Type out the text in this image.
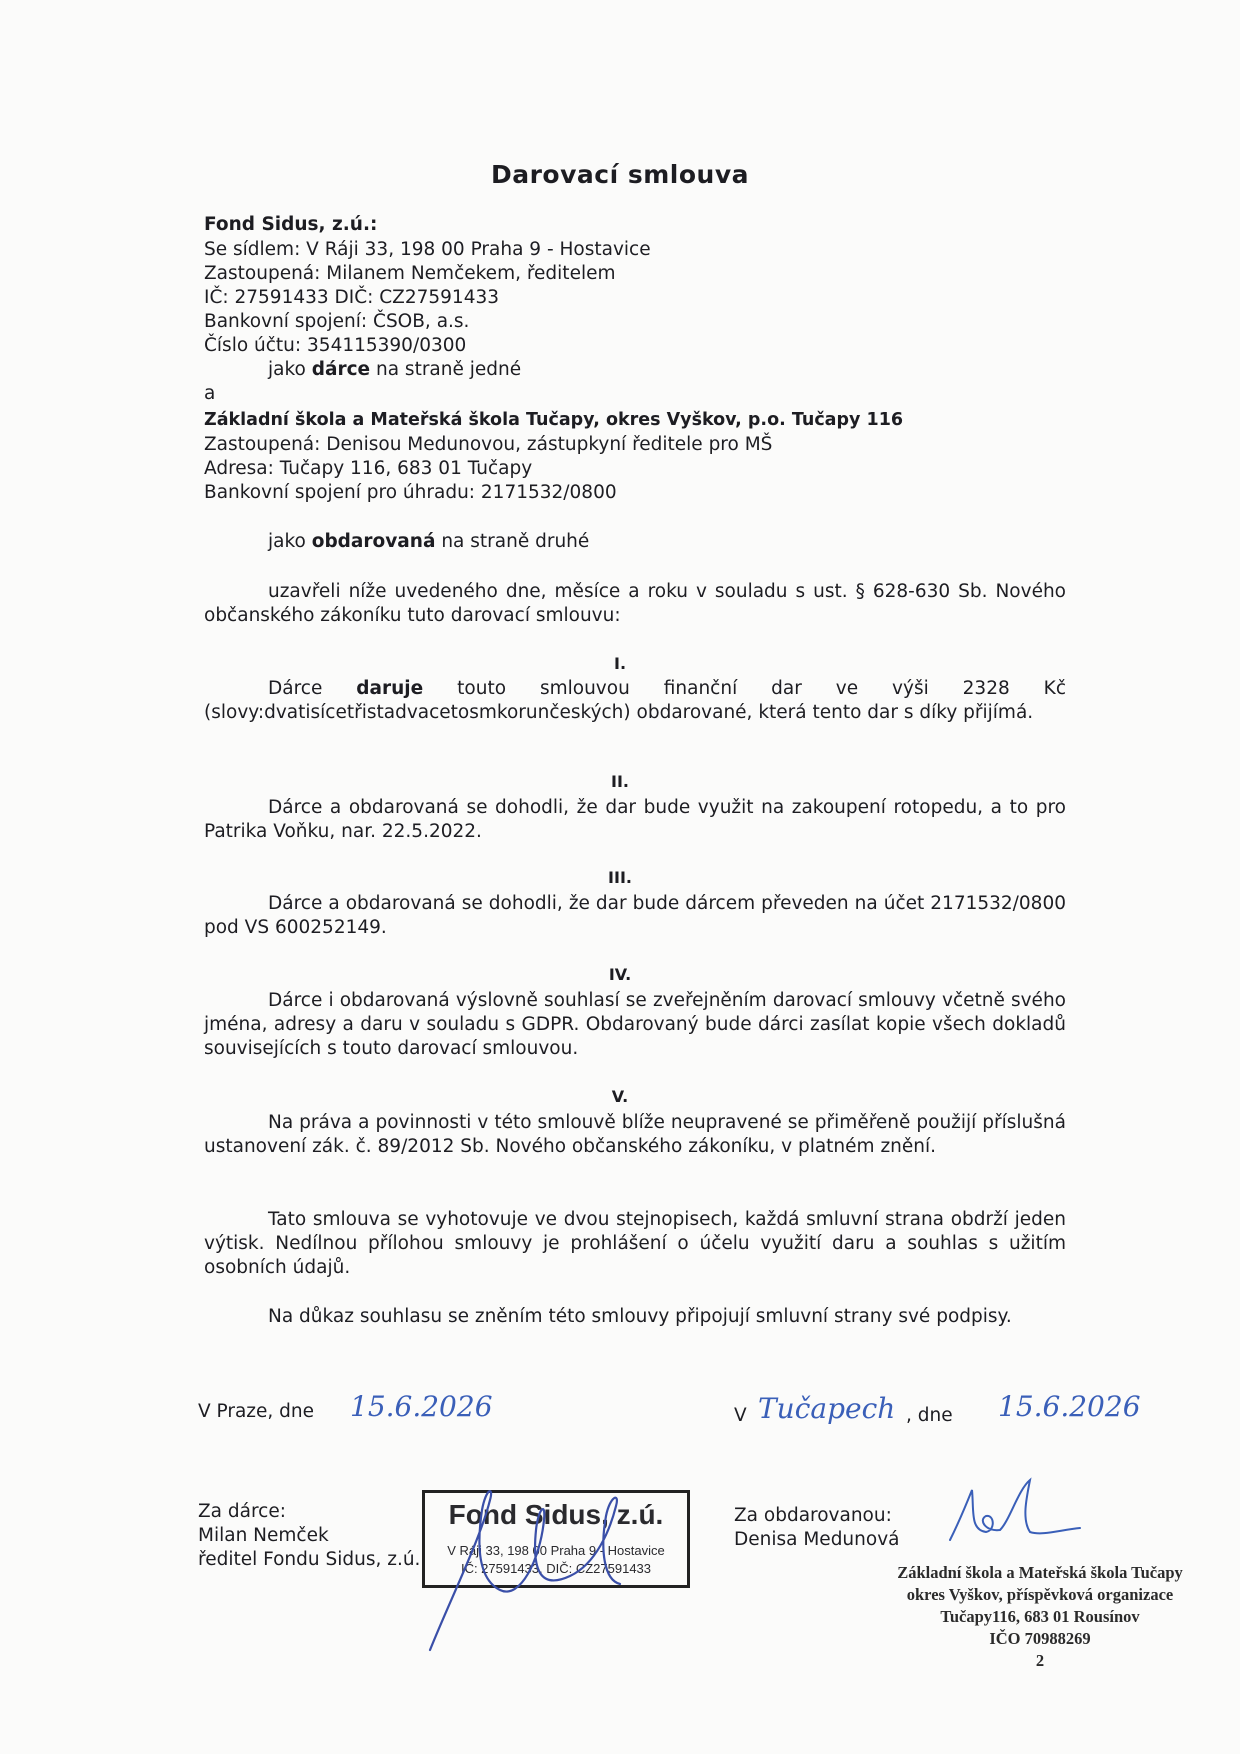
Darovací smlouva
Fond Sidus, z.ú.:
Se sídlem: V Ráji 33, 198 00 Praha 9 - Hostavice
Zastoupená: Milanem Nemčekem, ředitelem
IČ: 27591433 DIČ: CZ27591433
Bankovní spojení: ČSOB, a.s.
Číslo účtu: 354115390/0300
jako dárce na straně jedné
a
Základní škola a Mateřská škola Tučapy, okres Vyškov, p.o. Tučapy 116
Zastoupená: Denisou Medunovou, zástupkyní ředitele pro MŠ
Adresa: Tučapy 116, 683 01 Tučapy
Bankovní spojení pro úhradu: 2171532/0800
jako obdarovaná na straně druhé
uzavřeli níže uvedeného dne, měsíce a roku v souladu s ust. § 628-630 Sb. Nového občanského zákoníku tuto darovací smlouvu:
I.
Dárce daruje touto smlouvou finanční dar ve výši 2328 Kč (slovy:dvatisícetřistadvacetosmkorunčeských) obdarované, která tento dar s díky přijímá.
II.
Dárce a obdarovaná se dohodli, že dar bude využit na zakoupení rotopedu, a to pro Patrika Voňku, nar. 22.5.2022.
III.
Dárce a obdarovaná se dohodli, že dar bude dárcem převeden na účet 2171532/0800 pod VS 600252149.
IV.
Dárce i obdarovaná výslovně souhlasí se zveřejněním darovací smlouvy včetně svého jména, adresy a daru v souladu s GDPR. Obdarovaný bude dárci zasílat kopie všech dokladů souvisejících s touto darovací smlouvou.
V.
Na práva a povinnosti v této smlouvě blíže neupravené se přiměřeně použijí příslušná ustanovení zák. č. 89/2012 Sb. Nového občanského zákoníku, v platném znění.
Tato smlouva se vyhotovuje ve dvou stejnopisech, každá smluvní strana obdrží jeden výtisk. Nedílnou přílohou smlouvy je prohlášení o účelu využití daru a souhlas s užitím osobních údajů.
Na důkaz souhlasu se zněním této smlouvy připojují smluvní strany své podpisy.
V Praze, dne 15.6.2026	V Tučapech , dne 15.6.2026
Za dárce:
Milan Nemček
ředitel Fondu Sidus, z.ú.
Za obdarovanou:
Denisa Medunová
Fond Sidus, z.ú.
V Ráji 33, 198 00 Praha 9 - Hostavice
IČ: 27591433, DIČ: CZ27591433	Základní škola a Mateřská škola Tučapy
okres Vyškov, příspěvková organizace
Tučapy116, 683 01 Rousínov
IČO 70988269
2
